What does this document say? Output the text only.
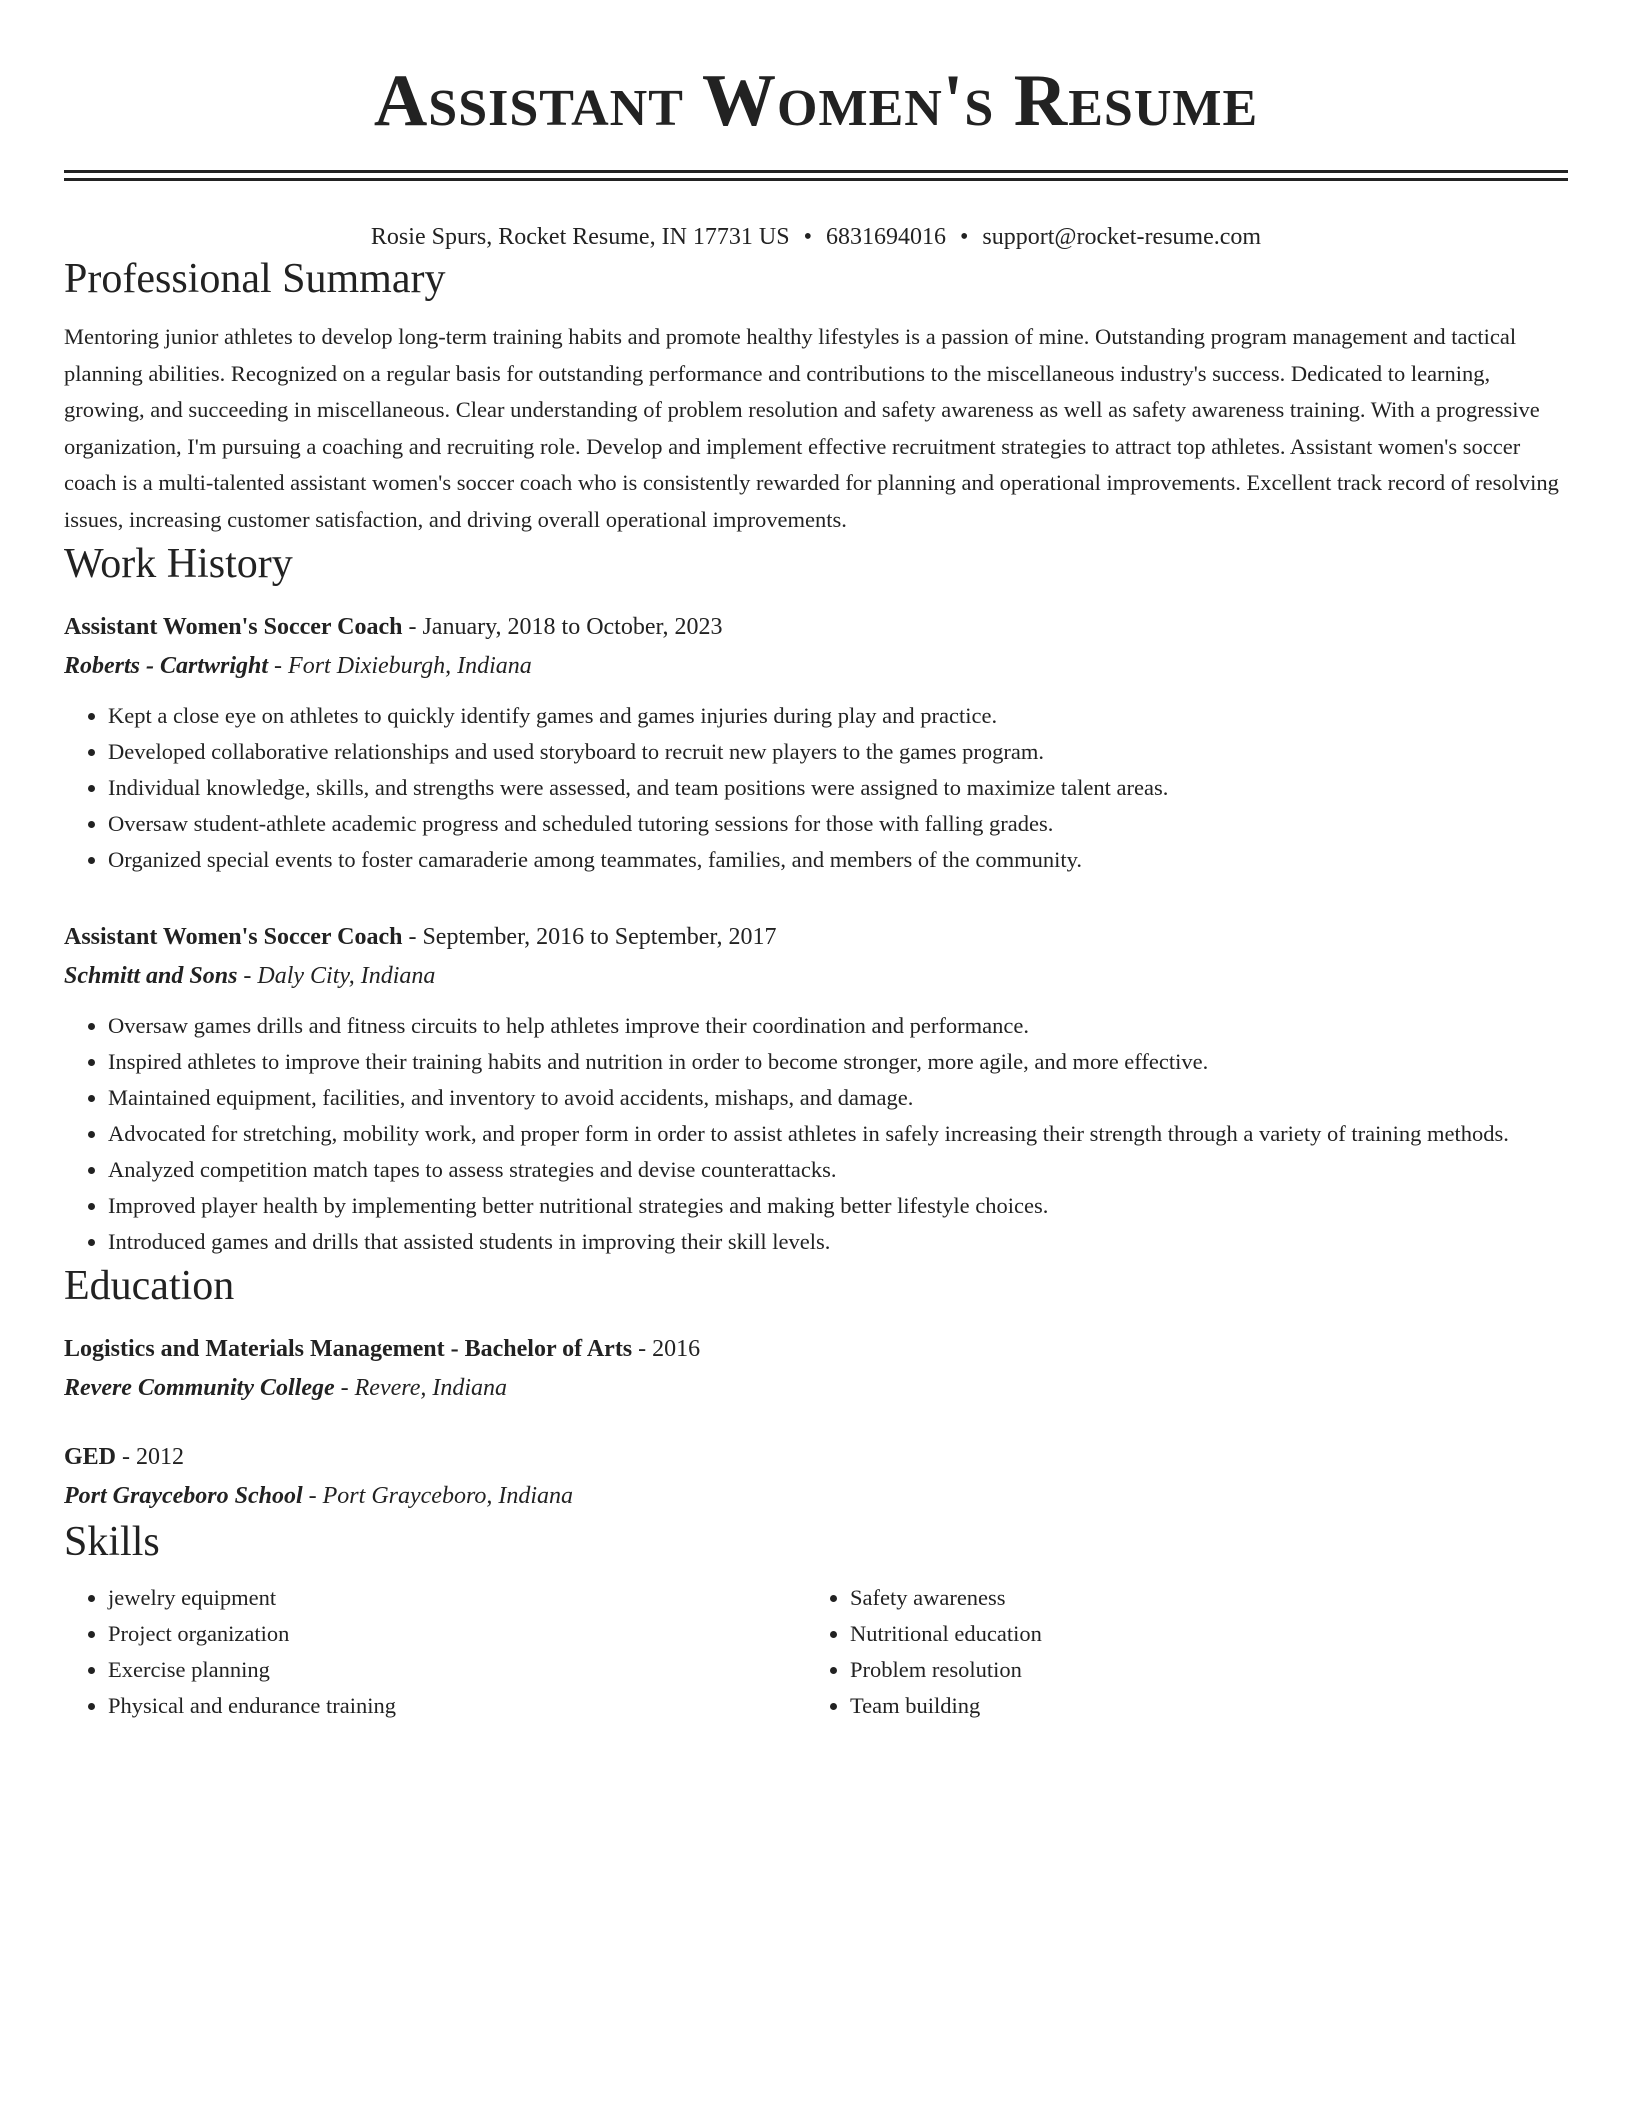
Assistant Women's Resume
Rosie Spurs, Rocket Resume, IN 17731 US • 6831694016 • support@rocket-resume.com
Professional Summary
Mentoring junior athletes to develop long-term training habits and promote healthy lifestyles is a passion of mine. Outstanding program management and tactical planning abilities. Recognized on a regular basis for outstanding performance and contributions to the miscellaneous industry's success. Dedicated to learning, growing, and succeeding in miscellaneous. Clear understanding of problem resolution and safety awareness as well as safety awareness training. With a progressive organization, I'm pursuing a coaching and recruiting role. Develop and implement effective recruitment strategies to attract top athletes. Assistant women's soccer coach is a multi-talented assistant women's soccer coach who is consistently rewarded for planning and operational improvements. Excellent track record of resolving issues, increasing customer satisfaction, and driving overall operational improvements.
Work History
Assistant Women's Soccer Coach - January, 2018 to October, 2023
Roberts - Cartwright - Fort Dixieburgh, Indiana
• Kept a close eye on athletes to quickly identify games and games injuries during play and practice.
• Developed collaborative relationships and used storyboard to recruit new players to the games program.
• Individual knowledge, skills, and strengths were assessed, and team positions were assigned to maximize talent areas.
• Oversaw student-athlete academic progress and scheduled tutoring sessions for those with falling grades.
• Organized special events to foster camaraderie among teammates, families, and members of the community.
Assistant Women's Soccer Coach - September, 2016 to September, 2017
Schmitt and Sons - Daly City, Indiana
• Oversaw games drills and fitness circuits to help athletes improve their coordination and performance.
• Inspired athletes to improve their training habits and nutrition in order to become stronger, more agile, and more effective.
• Maintained equipment, facilities, and inventory to avoid accidents, mishaps, and damage.
• Advocated for stretching, mobility work, and proper form in order to assist athletes in safely increasing their strength through a variety of training methods.
• Analyzed competition match tapes to assess strategies and devise counterattacks.
• Improved player health by implementing better nutritional strategies and making better lifestyle choices.
• Introduced games and drills that assisted students in improving their skill levels.
Education
Logistics and Materials Management - Bachelor of Arts - 2016
Revere Community College - Revere, Indiana
GED - 2012
Port Grayceboro School - Port Grayceboro, Indiana
Skills
• jewelry equipment
• Project organization
• Exercise planning
• Physical and endurance training
• Safety awareness
• Nutritional education
• Problem resolution
• Team building
